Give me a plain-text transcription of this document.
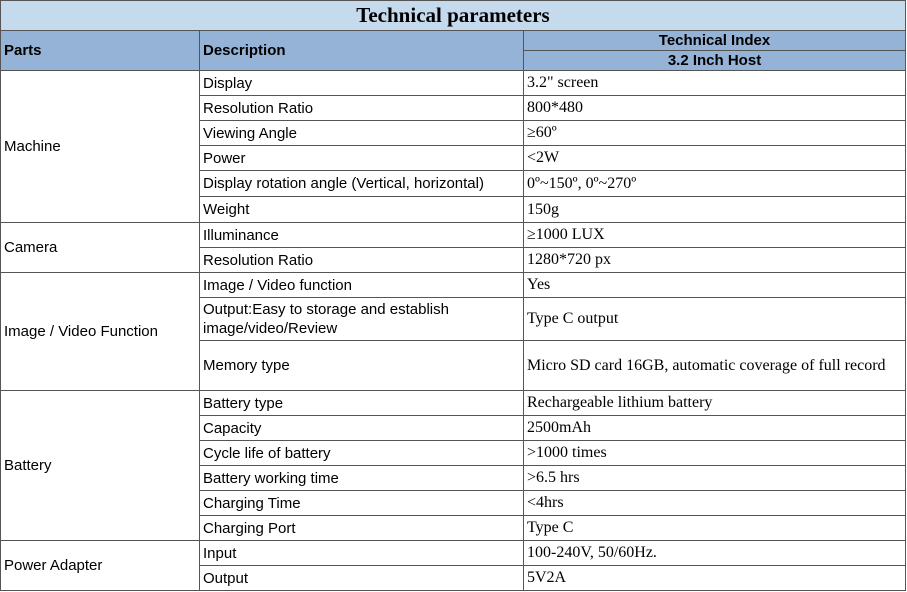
Technical parameters		
Parts	Description	Technical Index
		3.2 Inch Host
Machine	Display	3.2" screen
	Resolution Ratio	800*480
	Viewing Angle	≥60º
	Power	<2W
	Display rotation angle (Vertical, horizontal)	0º~150º, 0º~270º
	Weight	150g
Camera	Illuminance	≥1000 LUX
	Resolution Ratio	1280*720 px
Image / Video Function	Image / Video function	Yes
	Output:Easy to storage and establish image/video/Review	Type C output
	Memory type	Micro SD card 16GB, automatic coverage of full record
Battery	Battery type	Rechargeable lithium battery
	Capacity	2500mAh
	Cycle life of battery	>1000 times
	Battery working time	>6.5 hrs
	Charging Time	<4hrs
	Charging Port	Type C
Power Adapter	Input	100-240V, 50/60Hz.
	Output	5V2A
